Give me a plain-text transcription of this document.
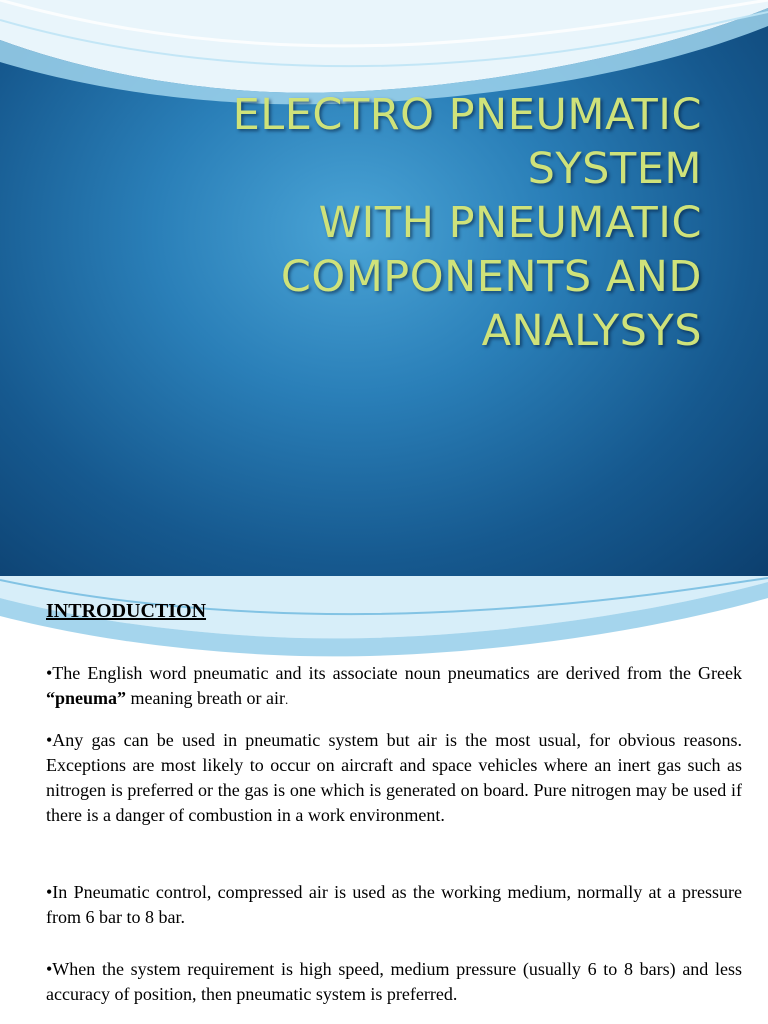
ELECTRO PNEUMATIC
SYSTEM
WITH PNEUMATIC
COMPONENTS AND
ANALYSYS
INTRODUCTION

•The English word pneumatic and its associate noun pneumatics are derived from the Greek “pneuma” meaning breath or air.

•Any gas can be used in pneumatic system but air is the most usual, for obvious reasons. Exceptions are most likely to occur on aircraft and space vehicles where an inert gas such as nitrogen is preferred or the gas is one which is generated on board. Pure nitrogen may be used if there is a danger of combustion in a work environment.

•In Pneumatic control, compressed air is used as the working medium, normally at a pressure from 6 bar to 8 bar.

•When the system requirement is high speed, medium pressure (usually 6 to 8 bars) and less accuracy of position, then pneumatic system is preferred.
